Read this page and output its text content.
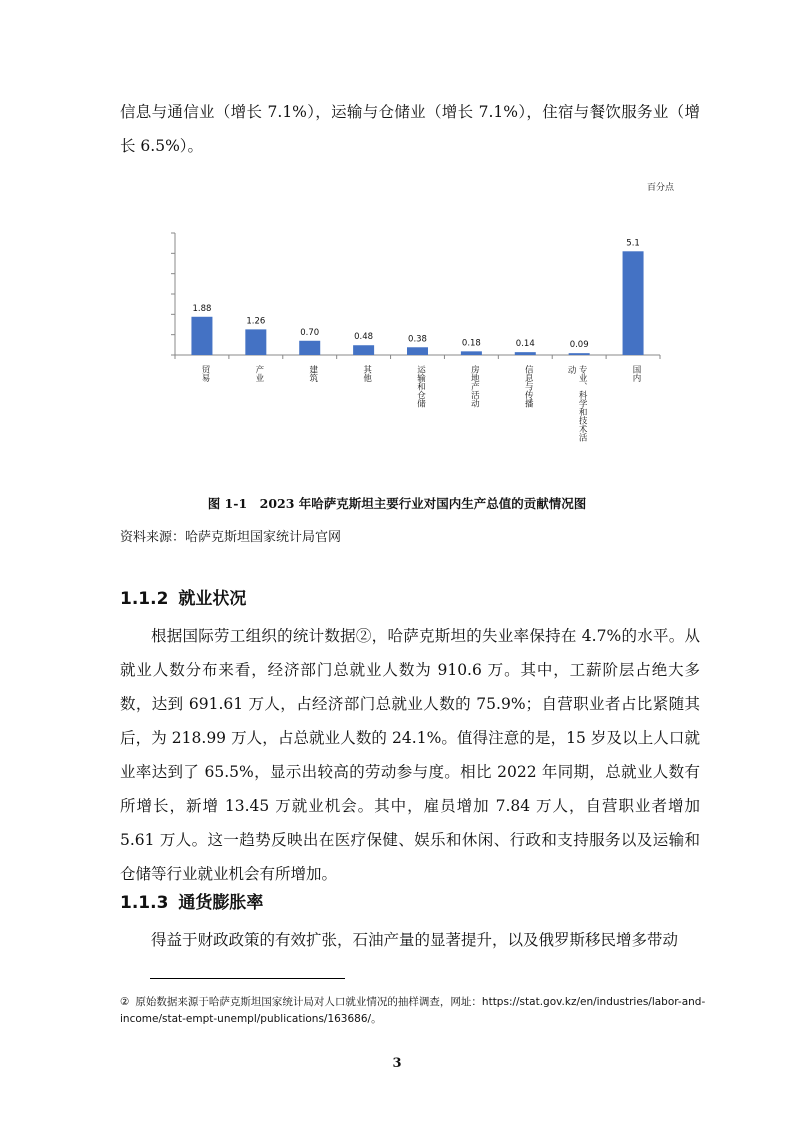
信息与通信业（增长 7.1%），运输与仓储业（增长 7.1%），住宿与餐饮服务业（增长 6.5%）。

百分点
1.88
贸易
1.26
产业
0.70
建筑
0.48
其他
0.38
运输和仓储
0.18
房地产活动
0.14
信息与传播
0.09
专业、科学和技术活动
5.1
国内

图 1-1　2023 年哈萨克斯坦主要行业对国内生产总值的贡献情况图

资料来源：哈萨克斯坦国家统计局官网

1.1.2 就业状况

根据国际劳工组织的统计数据②，哈萨克斯坦的失业率保持在 4.7%的水平。从就业人数分布来看，经济部门总就业人数为 910.6 万。其中，工薪阶层占绝大多数，达到 691.61 万人，占经济部门总就业人数的 75.9%；自营职业者占比紧随其后，为 218.99 万人，占总就业人数的 24.1%。值得注意的是，15 岁及以上人口就业率达到了 65.5%，显示出较高的劳动参与度。相比 2022 年同期，总就业人数有所增长，新增 13.45 万就业机会。其中，雇员增加 7.84 万人，自营职业者增加 5.61 万人。这一趋势反映出在医疗保健、娱乐和休闲、行政和支持服务以及运输和仓储等行业就业机会有所增加。

1.1.3 通货膨胀率

得益于财政政策的有效扩张，石油产量的显著提升，以及俄罗斯移民增多带动

② 原始数据来源于哈萨克斯坦国家统计局对人口就业情况的抽样调查，网址：https://stat.gov.kz/en/industries/labor-and-income/stat-empt-unempl/publications/163686/。

3
